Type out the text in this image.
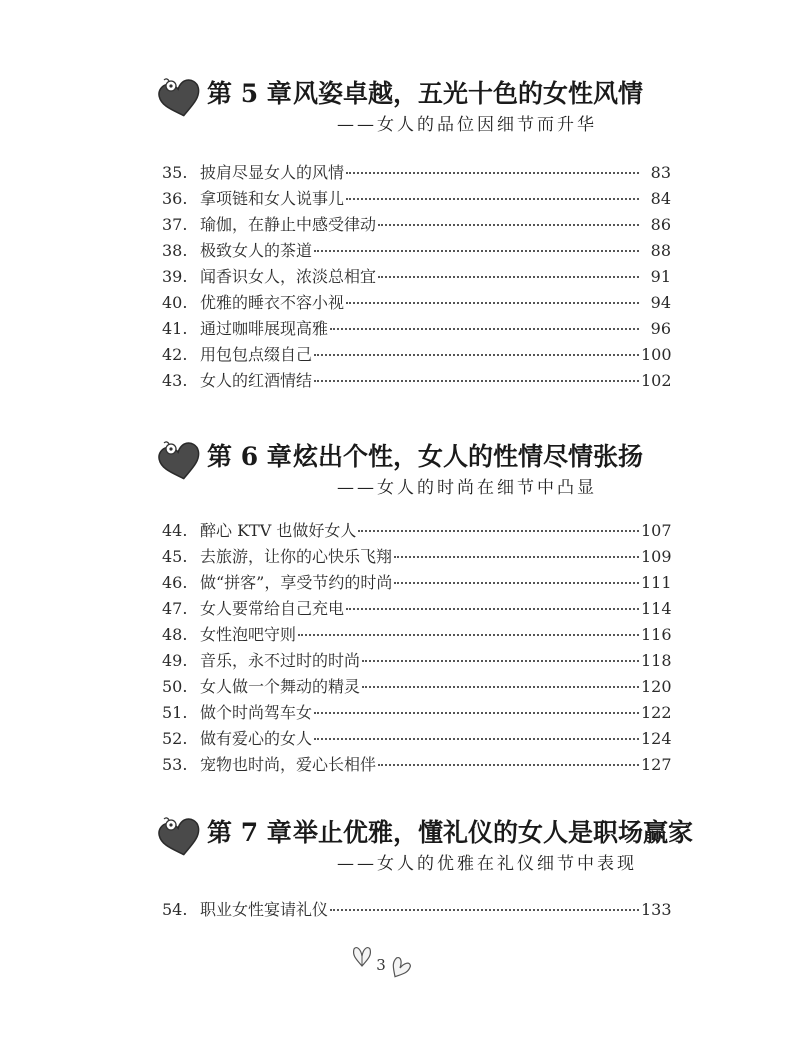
第 5 章风姿卓越，五光十色的女性风情
——女人的品位因细节而升华
35. 披肩尽显女人的风情	83
36. 拿项链和女人说事儿	84
37. 瑜伽，在静止中感受律动	86
38. 极致女人的茶道	88
39. 闻香识女人，浓淡总相宜	91
40. 优雅的睡衣不容小视	94
41. 通过咖啡展现高雅	96
42. 用包包点缀自己	100
43. 女人的红酒情结	102
第 6 章炫出个性，女人的性情尽情张扬
——女人的时尚在细节中凸显
44. 醉心 KTV 也做好女人	107
45. 去旅游，让你的心快乐飞翔	109
46. 做“拼客”，享受节约的时尚	111
47. 女人要常给自己充电	114
48. 女性泡吧守则	116
49. 音乐，永不过时的时尚	118
50. 女人做一个舞动的精灵	120
51. 做个时尚驾车女	122
52. 做有爱心的女人	124
53. 宠物也时尚，爱心长相伴	127
第 7 章举止优雅，懂礼仪的女人是职场赢家
——女人的优雅在礼仪细节中表现
54. 职业女性宴请礼仪	133
3
